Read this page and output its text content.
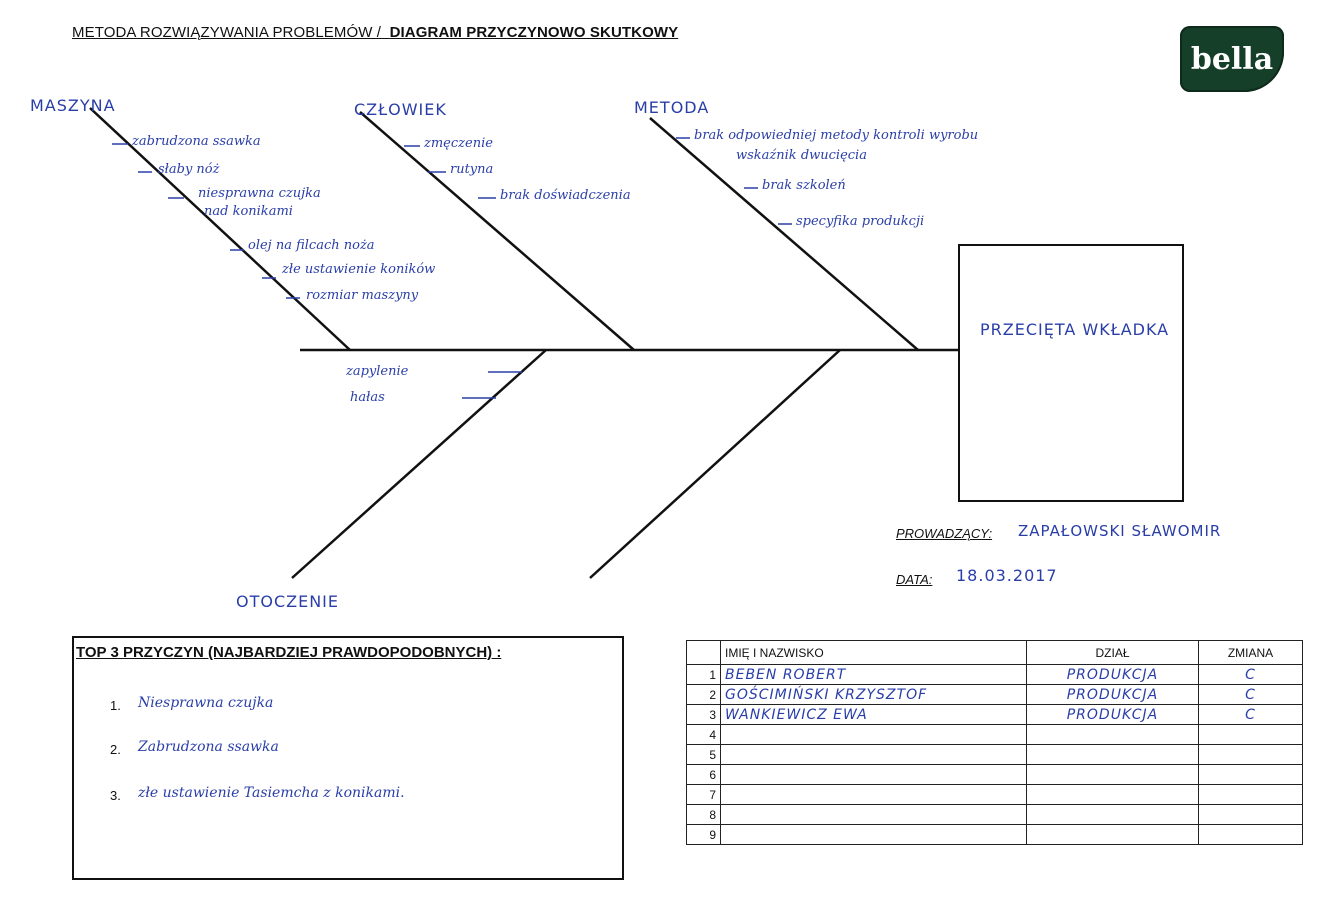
METODA ROZWIĄZYWANIA PROBLEMÓW / DIAGRAM PRZYCZYNOWO SKUTKOWY
bella
MASZYNA	CZŁOWIEK	METODA
OTOCZENIE
zabrudzona ssawka
słaby nóż
niesprawna czujka
nad konikami
olej na filcach noża
złe ustawienie koników
rozmiar maszyny
zmęczenie
rutyna
brak doświadczenia
brak odpowiedniej metody kontroli wyrobu
wskaźnik dwucięcia
brak szkoleń
specyfika produkcji
zapylenie
hałas
PRZECIĘTA WKŁADKA
PROWADZĄCY: ZAPAŁOWSKI SŁAWOMIR
DATA: 18.03.2017
TOP 3 PRZYCZYN (NAJBARDZIEJ PRAWDOPODOBNYCH) :
1. Niesprawna czujka
2. Zabrudzona ssawka
3. złe ustawienie Tasiemcha z konikami.
	IMIĘ I NAZWISKO	DZIAŁ	ZMIANA
1	BEBEN ROBERT	PRODUKCJA	C
2	GOŚCIMIŃSKI KRZYSZTOF	PRODUKCJA	C
3	WANKIEWICZ EWA	PRODUKCJA	C
4			
5			
6			
7			
8			
9			
